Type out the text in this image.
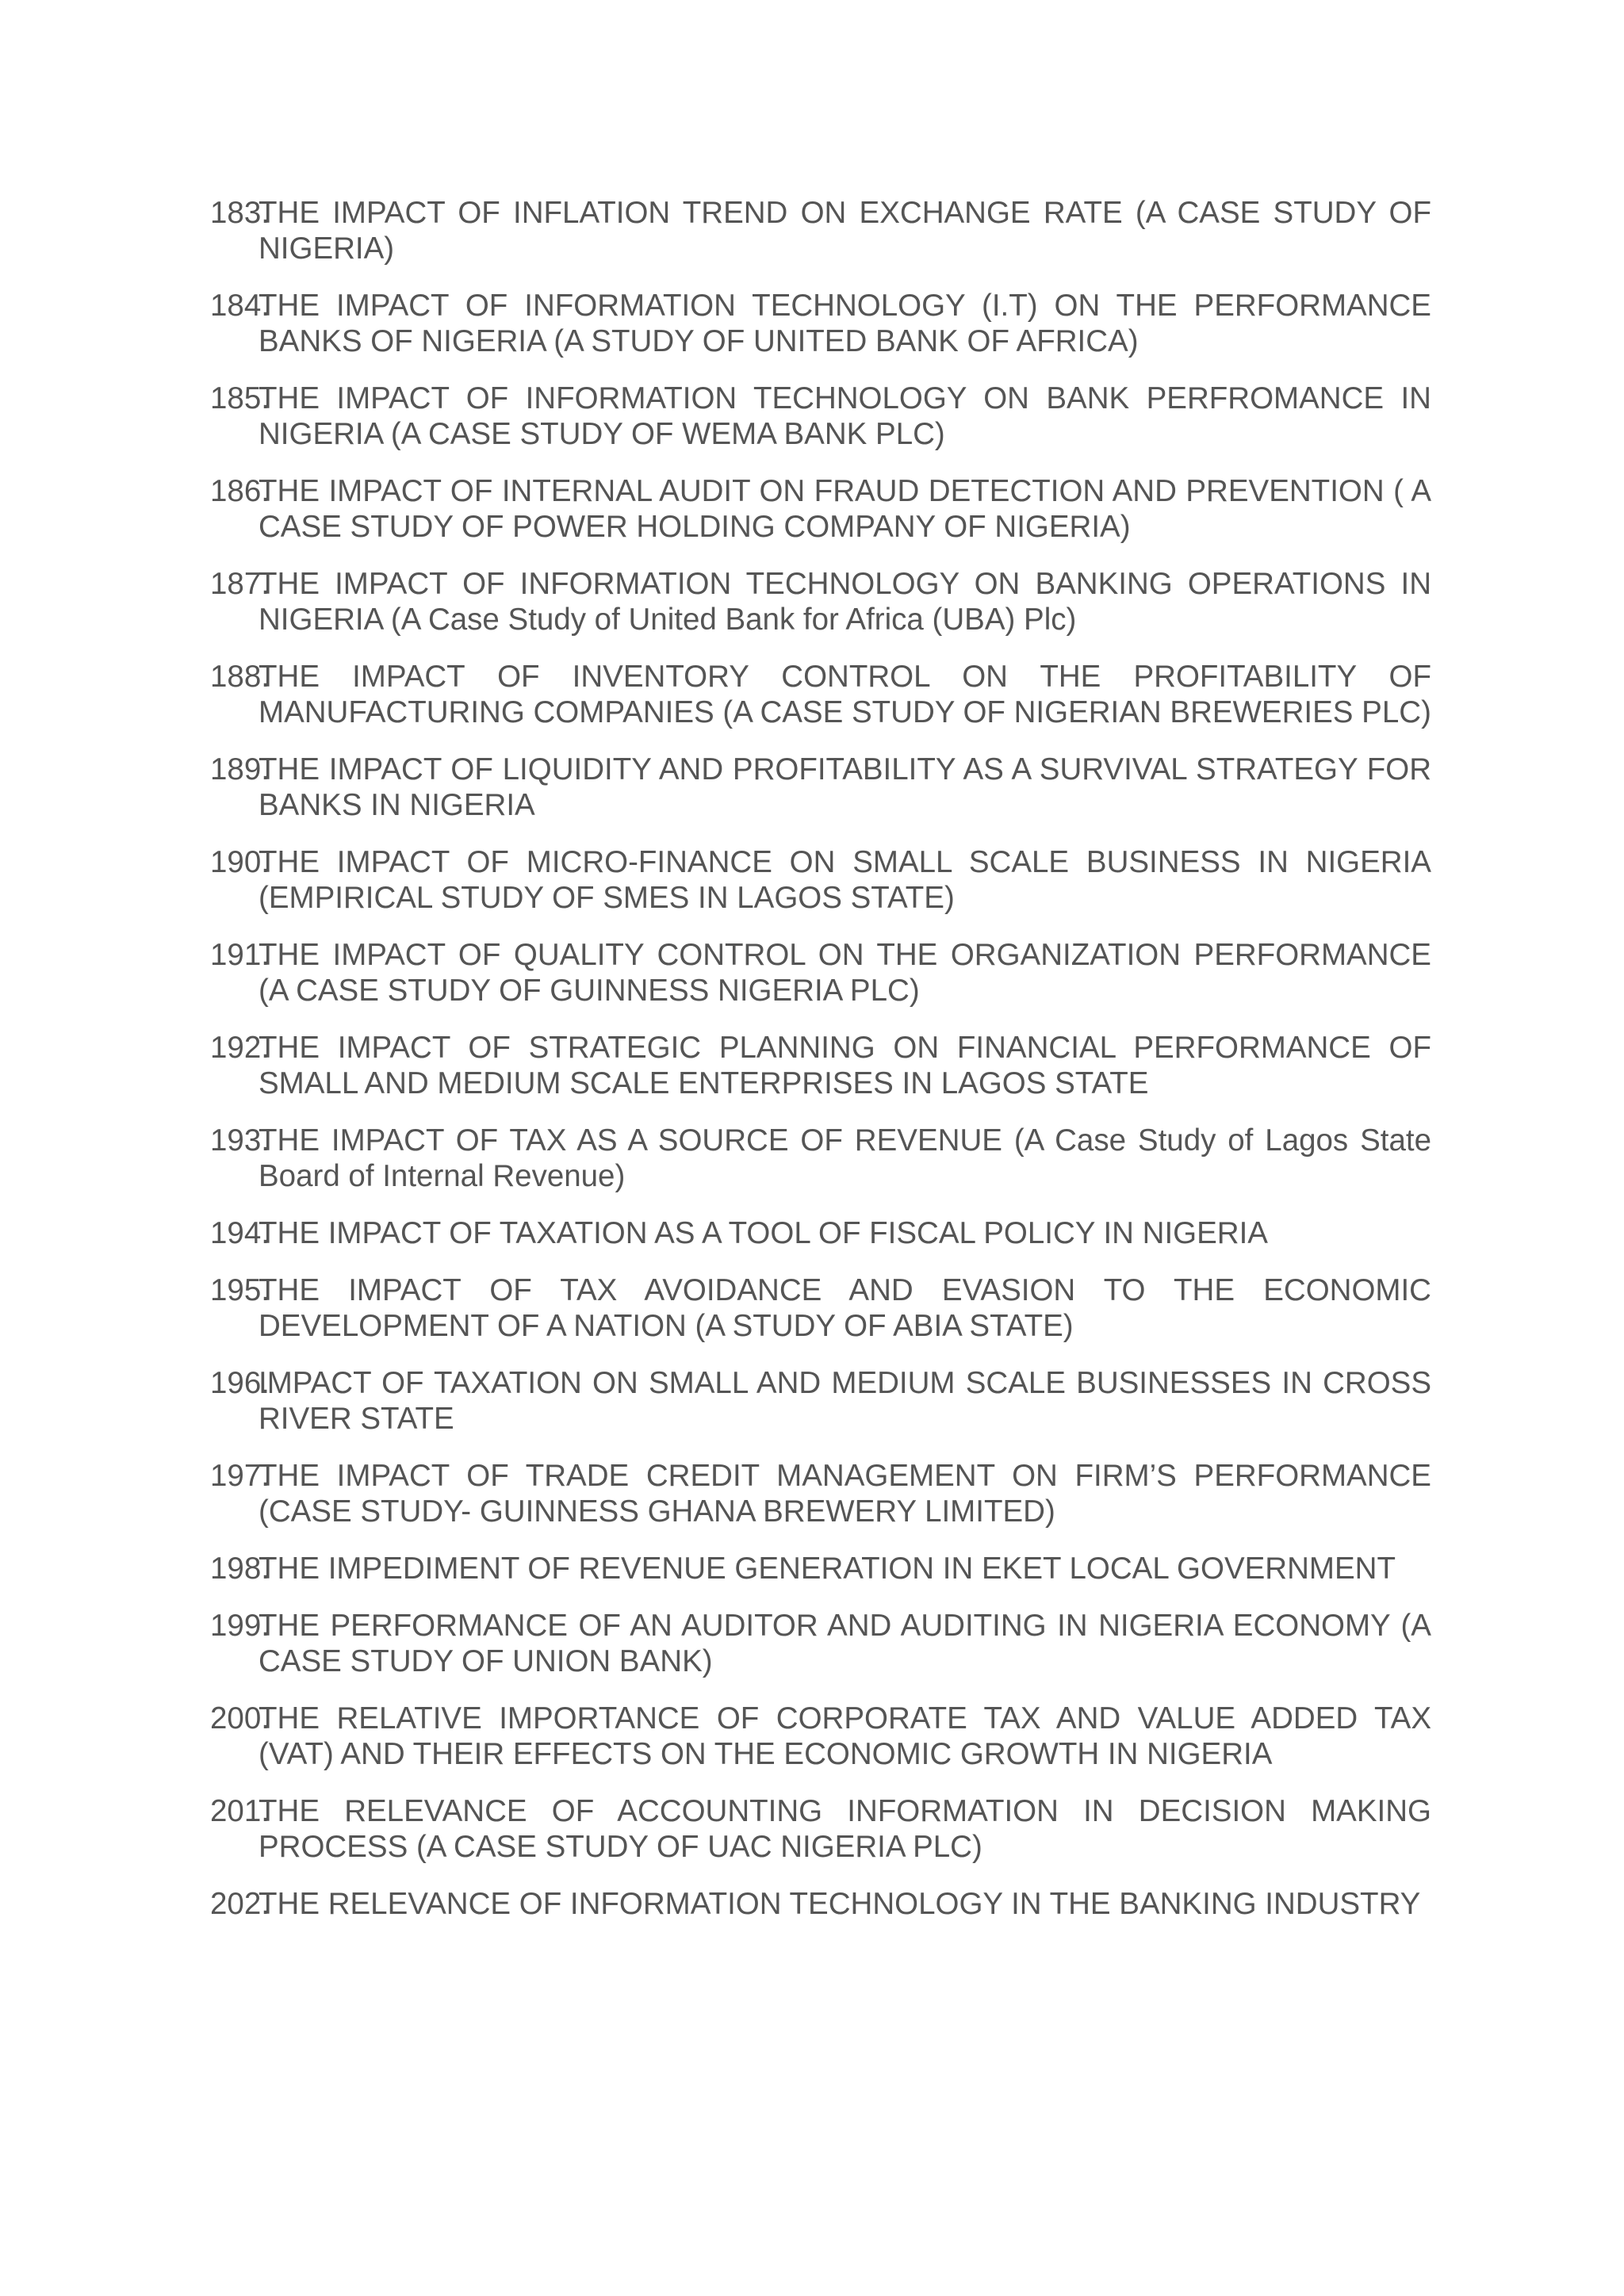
183.
THE IMPACT OF INFLATION TREND ON EXCHANGE RATE (A CASE STUDY OF NIGERIA)
184.
THE IMPACT OF INFORMATION TECHNOLOGY (I.T) ON THE PERFORMANCE BANKS OF NIGERIA (A STUDY OF UNITED BANK OF AFRICA)
185.
THE IMPACT OF INFORMATION TECHNOLOGY ON BANK PERFROMANCE IN NIGERIA (A CASE STUDY OF WEMA BANK PLC)
186.
THE IMPACT OF INTERNAL AUDIT ON FRAUD DETECTION AND PREVENTION ( A CASE STUDY OF POWER HOLDING COMPANY OF NIGERIA)
187.
THE IMPACT OF INFORMATION TECHNOLOGY ON BANKING OPERATIONS IN NIGERIA (A Case Study of United Bank for Africa (UBA) Plc)
188.
THE IMPACT OF INVENTORY CONTROL ON THE PROFITABILITY OF MANUFACTURING COMPANIES (A CASE STUDY OF NIGERIAN BREWERIES PLC)
189.
THE IMPACT OF LIQUIDITY AND PROFITABILITY AS A SURVIVAL STRATEGY FOR BANKS IN NIGERIA
190.
THE IMPACT OF MICRO-FINANCE ON SMALL SCALE BUSINESS IN NIGERIA (EMPIRICAL STUDY OF SMES IN LAGOS STATE)
191.
THE IMPACT OF QUALITY CONTROL ON THE ORGANIZATION PERFORMANCE (A CASE STUDY OF GUINNESS NIGERIA PLC)
192.
THE IMPACT OF STRATEGIC PLANNING ON FINANCIAL PERFORMANCE OF SMALL AND MEDIUM SCALE ENTERPRISES IN LAGOS STATE
193.
THE IMPACT OF TAX AS A SOURCE OF REVENUE (A Case Study of Lagos State Board of Internal Revenue)
194.
THE IMPACT OF TAXATION AS A TOOL OF FISCAL POLICY IN NIGERIA
195.
THE IMPACT OF TAX AVOIDANCE AND EVASION TO THE ECONOMIC DEVELOPMENT OF A NATION (A STUDY OF ABIA STATE)
196.
IMPACT OF TAXATION ON SMALL AND MEDIUM SCALE BUSINESSES IN CROSS RIVER STATE
197.
THE IMPACT OF TRADE CREDIT MANAGEMENT ON FIRM’S PERFORMANCE (CASE STUDY- GUINNESS GHANA BREWERY LIMITED)
198.
THE IMPEDIMENT OF REVENUE GENERATION IN EKET LOCAL GOVERNMENT
199.
THE PERFORMANCE OF AN AUDITOR AND AUDITING IN NIGERIA ECONOMY (A CASE STUDY OF UNION BANK)
200.
THE RELATIVE IMPORTANCE OF CORPORATE TAX AND VALUE ADDED TAX (VAT) AND THEIR EFFECTS ON THE ECONOMIC GROWTH IN NIGERIA
201.
THE RELEVANCE OF ACCOUNTING INFORMATION IN DECISION MAKING PROCESS (A CASE STUDY OF UAC NIGERIA PLC)
202.
THE RELEVANCE OF INFORMATION TECHNOLOGY IN THE BANKING INDUSTRY
